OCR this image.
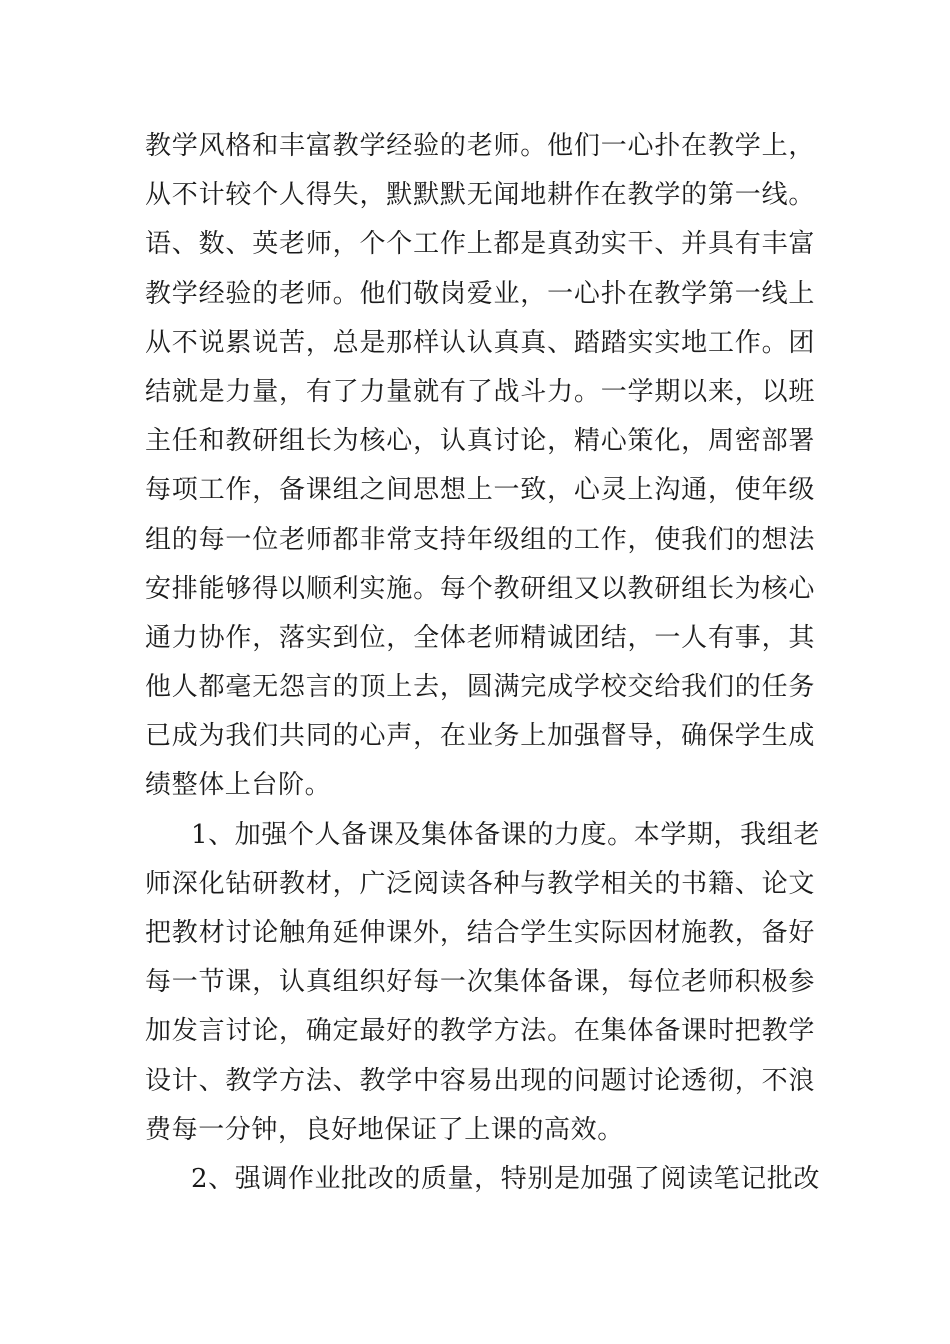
教学风格和丰富教学经验的老师。他们一心扑在教学上，
从不计较个人得失，默默默无闻地耕作在教学的第一线。
语、数、英老师，个个工作上都是真劲实干、并具有丰富
教学经验的老师。他们敬岗爱业，一心扑在教学第一线上
从不说累说苦，总是那样认认真真、踏踏实实地工作。团
结就是力量，有了力量就有了战斗力。一学期以来，以班
主任和教研组长为核心，认真讨论，精心策化，周密部署
每项工作，备课组之间思想上一致，心灵上沟通，使年级
组的每一位老师都非常支持年级组的工作，使我们的想法
安排能够得以顺利实施。每个教研组又以教研组长为核心
通力协作，落实到位，全体老师精诚团结，一人有事，其
他人都毫无怨言的顶上去，圆满完成学校交给我们的任务
已成为我们共同的心声，在业务上加强督导，确保学生成
绩整体上台阶。
1、加强个人备课及集体备课的力度。本学期，我组老
师深化钻研教材，广泛阅读各种与教学相关的书籍、论文
把教材讨论触角延伸课外，结合学生实际因材施教，备好
每一节课，认真组织好每一次集体备课，每位老师积极参
加发言讨论，确定最好的教学方法。在集体备课时把教学
设计、教学方法、教学中容易出现的问题讨论透彻，不浪
费每一分钟，良好地保证了上课的高效。
2、强调作业批改的质量，特别是加强了阅读笔记批改
